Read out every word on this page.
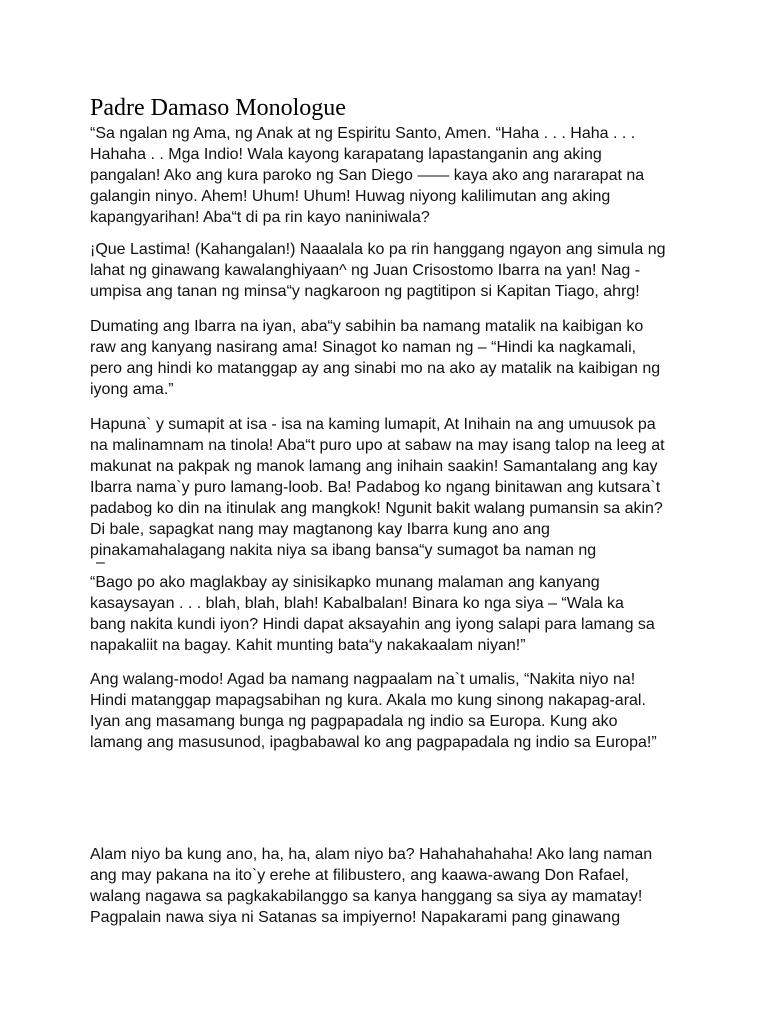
Padre Damaso Monologue

“Sa ngalan ng Ama, ng Anak at ng Espiritu Santo, Amen. “Haha . . . Haha . . .

Hahaha . . Mga Indio! Wala kayong karapatang lapastanganin ang aking

pangalan! Ako ang kura paroko ng San Diego —— kaya ako ang nararapat na

galangin ninyo. Ahem! Uhum! Uhum! Huwag niyong kalilimutan ang aking

kapangyarihan! Aba“t di pa rin kayo naniniwala?

¡Que Lastima! (Kahangalan!) Naaalala ko pa rin hanggang ngayon ang simula ng

lahat ng ginawang kawalanghiyaan^ ng Juan Crisostomo Ibarra na yan! Nag -

umpisa ang tanan ng minsa“y nagkaroon ng pagtitipon si Kapitan Tiago, ahrg!

Dumating ang Ibarra na iyan, aba“y sabihin ba namang matalik na kaibigan ko

raw ang kanyang nasirang ama! Sinagot ko naman ng – “Hindi ka nagkamali,

pero ang hindi ko matanggap ay ang sinabi mo na ako ay matalik na kaibigan ng

iyong ama.”

Hapuna` y sumapit at isa - isa na kaming lumapit, At Inihain na ang umuusok pa

na malinamnam na tinola! Aba“t puro upo at sabaw na may isang talop na leeg at

makunat na pakpak ng manok lamang ang inihain saakin! Samantalang ang kay

Ibarra nama`y puro lamang-loob. Ba! Padabog ko ngang binitawan ang kutsara`t

padabog ko din na itinulak ang mangkok! Ngunit bakit walang pumansin sa akin?

Di bale, sapagkat nang may magtanong kay Ibarra kung ano ang

pinakamahalagang nakita niya sa ibang bansa“y sumagot ba naman ng

–

“Bago po ako maglakbay ay sinisikapko munang malaman ang kanyang

kasaysayan . . . blah, blah, blah! Kabalbalan! Binara ko nga siya – “Wala ka

bang nakita kundi iyon? Hindi dapat aksayahin ang iyong salapi para lamang sa

napakaliit na bagay. Kahit munting bata“y nakakaalam niyan!”

Ang walang-modo! Agad ba namang nagpaalam na`t umalis, “Nakita niyo na!

Hindi matanggap mapagsabihan ng kura. Akala mo kung sinong nakapag-aral.

Iyan ang masamang bunga ng pagpapadala ng indio sa Europa. Kung ako

lamang ang masusunod, ipagbabawal ko ang pagpapadala ng indio sa Europa!”

Alam niyo ba kung ano, ha, ha, alam niyo ba? Hahahahahaha! Ako lang naman

ang may pakana na ito`y erehe at filibustero, ang kaawa-awang Don Rafael,

walang nagawa sa pagkakabilanggo sa kanya hanggang sa siya ay mamatay!

Pagpalain nawa siya ni Satanas sa impiyerno! Napakarami pang ginawang
